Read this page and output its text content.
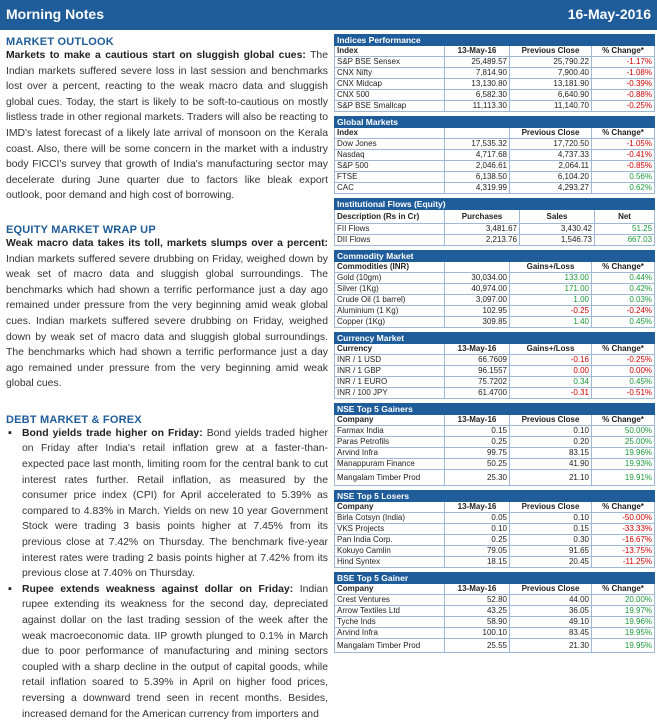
Morning Notes	16-May-2016
MARKET OUTLOOK

Markets to make a cautious start on sluggish global cues: The Indian markets suffered severe loss in last session and benchmarks lost over a percent, reacting to the weak macro data and sluggish global cues. Today, the start is likely to be soft-to-cautious on mostly listless trade in other regional markets. Traders will also be reacting to IMD's latest forecast of a likely late arrival of monsoon on the Kerala coast. Also, there will be some concern in the market with a industry body FICCI's survey that growth of India's manufacturing sector may decelerate during June quarter due to factors like bleak export outlook, poor demand and high cost of borrowing.

EQUITY MARKET WRAP UP

Weak macro data takes its toll, markets slumps over a percent: Indian markets suffered severe drubbing on Friday, weighed down by weak set of macro data and sluggish global surroundings. The benchmarks which had shown a terrific performance just a day ago remained under pressure from the very beginning amid weak global cues. Indian markets suffered severe drubbing on Friday, weighed down by weak set of macro data and sluggish global surroundings. The benchmarks which had shown a terrific performance just a day ago remained under pressure from the very beginning amid weak global cues.

DEBT MARKET & FOREX
▪ Bond yields trade higher on Friday: Bond yields traded higher on Friday after India's retail inflation grew at a faster-than-expected pace last month, limiting room for the central bank to cut interest rates further. Retail inflation, as measured by the consumer price index (CPI) for April accelerated to 5.39% as compared to 4.83% in March. Yields on new 10 year Government Stock were trading 3 basis points higher at 7.45% from its previous close at 7.42% on Thursday. The benchmark five-year interest rates were trading 2 basis points higher at 7.42% from its previous close at 7.40% on Thursday.
▪ Rupee extends weakness against dollar on Friday: Indian rupee extending its weakness for the second day, depreciated against dollar on the last trading session of the week after the weak macroeconomic data. IIP growth plunged to 0.1% in March due to poor performance of manufacturing and mining sectors coupled with a sharp decline in the output of capital goods, while retail inflation soared to 5.39% in April on higher food prices, reversing a downward trend seen in recent months. Besides, increased demand for the American currency from importers and
Indices Performance			
Index	13-May-16	Previous Close	% Change*
S&P BSE Sensex	25,489.57	25,790.22	-1.17%
CNX Nifty	7,814.90	7,900.40	-1.08%
CNX Midcap	13,130.80	13,181.90	-0.39%
CNX 500	6,582.30	6,640.90	-0.88%
S&P BSE Smallcap	11,113.30	11,140.70	-0.25%
Global Markets			
Index		Previous Close	% Change*
Dow Jones	17,535.32	17,720.50	-1.05%
Nasdaq	4,717.68	4,737.33	-0.41%
S&P 500	2,046.61	2,064.11	-0.85%
FTSE	6,138.50	6,104.20	0.56%
CAC	4,319.99	4,293.27	0.62%
Institutional Flows (Equity)			
Description (Rs in Cr)	Purchases	Sales	Net
FII Flows	3,481.67	3,430.42	51.25
DII Flows	2,213.76	1,546.73	667.03
Commodity Market			
Commodities (INR)		Gains+/Loss	% Change*
Gold (10gm)	30,034.00	133.00	0.44%
Silver (1Kg)	40,974.00	171.00	0.42%
Crude Oil (1 barrel)	3,097.00	1.00	0.03%
Aluminium (1 Kg)	102.95	-0.25	-0.24%
Copper (1Kg)	309.85	1.40	0.45%
Currency Market			
Currency	13-May-16	Gains+/Loss	% Change*
INR / 1 USD	66.7609	-0.16	-0.25%
INR / 1 GBP	96.1557	0.00	0.00%
INR / 1 EURO	75.7202	0.34	0.45%
INR / 100 JPY	61.4700	-0.31	-0.51%
NSE Top 5 Gainers			
Company	13-May-16	Previous Close	% Change*
Farmax India	0.15	0.10	50.00%
Paras Petrofils	0.25	0.20	25.00%
Arvind Infra	99.75	83.15	19.96%
Manappuram Finance	50.25	41.90	19.93%
Mangalam Timber Prod	25.30	21.10	19.91%
NSE Top 5 Losers			
Company	13-May-16	Previous Close	% Change*
Birla Cotsyn (India)	0.05	0.10	-50.00%
VKS Projects	0.10	0.15	-33.33%
Pan India Corp.	0.25	0.30	-16.67%
Kokuyo Camlin	79.05	91.65	-13.75%
Hind Syntex	18.15	20.45	-11.25%
BSE Top 5 Gainer			
Company	13-May-16	Previous Close	% Change*
Crest Ventures	52.80	44.00	20.00%
Arrow Textiles Ltd	43.25	36.05	19.97%
Tyche Inds	58.90	49.10	19.96%
Arvind Infra	100.10	83.45	19.95%
Mangalam Timber Prod	25.55	21.30	19.95%
